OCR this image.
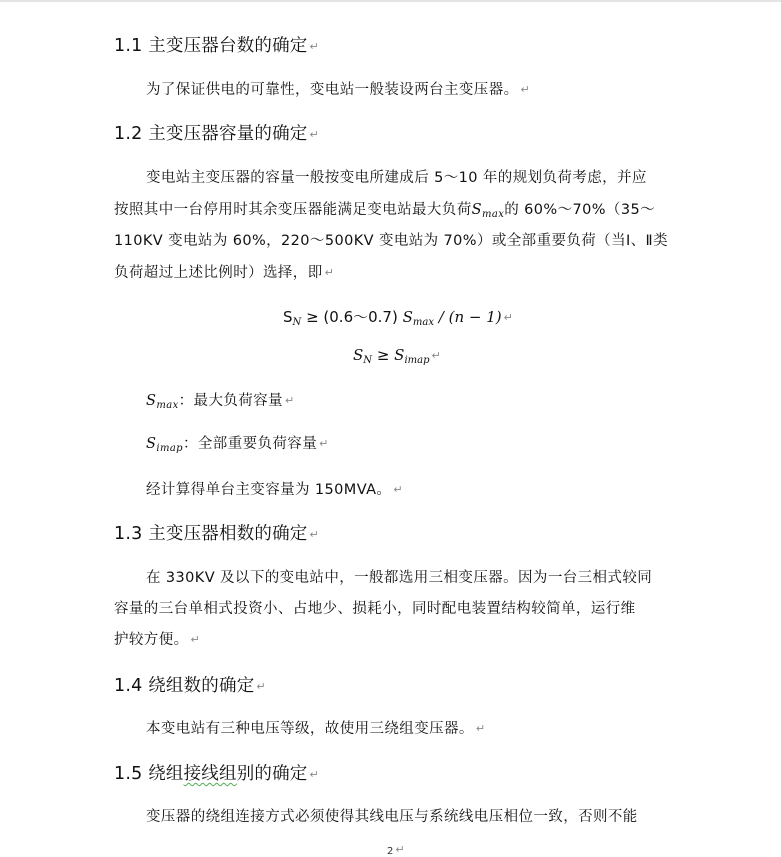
1.1 主变压器台数的确定 ↵
为了保证供电的可靠性，变电站一般装设两台主变压器。 ↵
1.2 主变压器容量的确定 ↵
变电站主变压器的容量一般按变电所建成后 5～10 年的规划负荷考虑，并应
按照其中一台停用时其余变压器能满足变电站最大负荷$S_{max}$的 60%～70%（35～
110KV 变电站为 60%，220～500KV 变电站为 70%）或全部重要负荷（当Ⅰ、Ⅱ类
负荷超过上述比例时）选择，即 ↵
$S_N$ ≥ (0.6～0.7) $S_{max} / (n - 1)$ ↵
$S_N \ge S_{imap}$ ↵
$S_{max}$：最大负荷容量 ↵
$S_{imap}$：全部重要负荷容量 ↵
经计算得单台主变容量为 150MVA。 ↵
1.3 主变压器相数的确定 ↵
在 330KV 及以下的变电站中，一般都选用三相变压器。因为一台三相式较同
容量的三台单相式投资小、占地少、损耗小，同时配电装置结构较简单，运行维
护较方便。 ↵
1.4 绕组数的确定 ↵
本变电站有三种电压等级，故使用三绕组变压器。 ↵
1.5 绕组接线组别的确定 ↵
变压器的绕组连接方式必须使得其线电压与系统线电压相位一致，否则不能
2 ↵
